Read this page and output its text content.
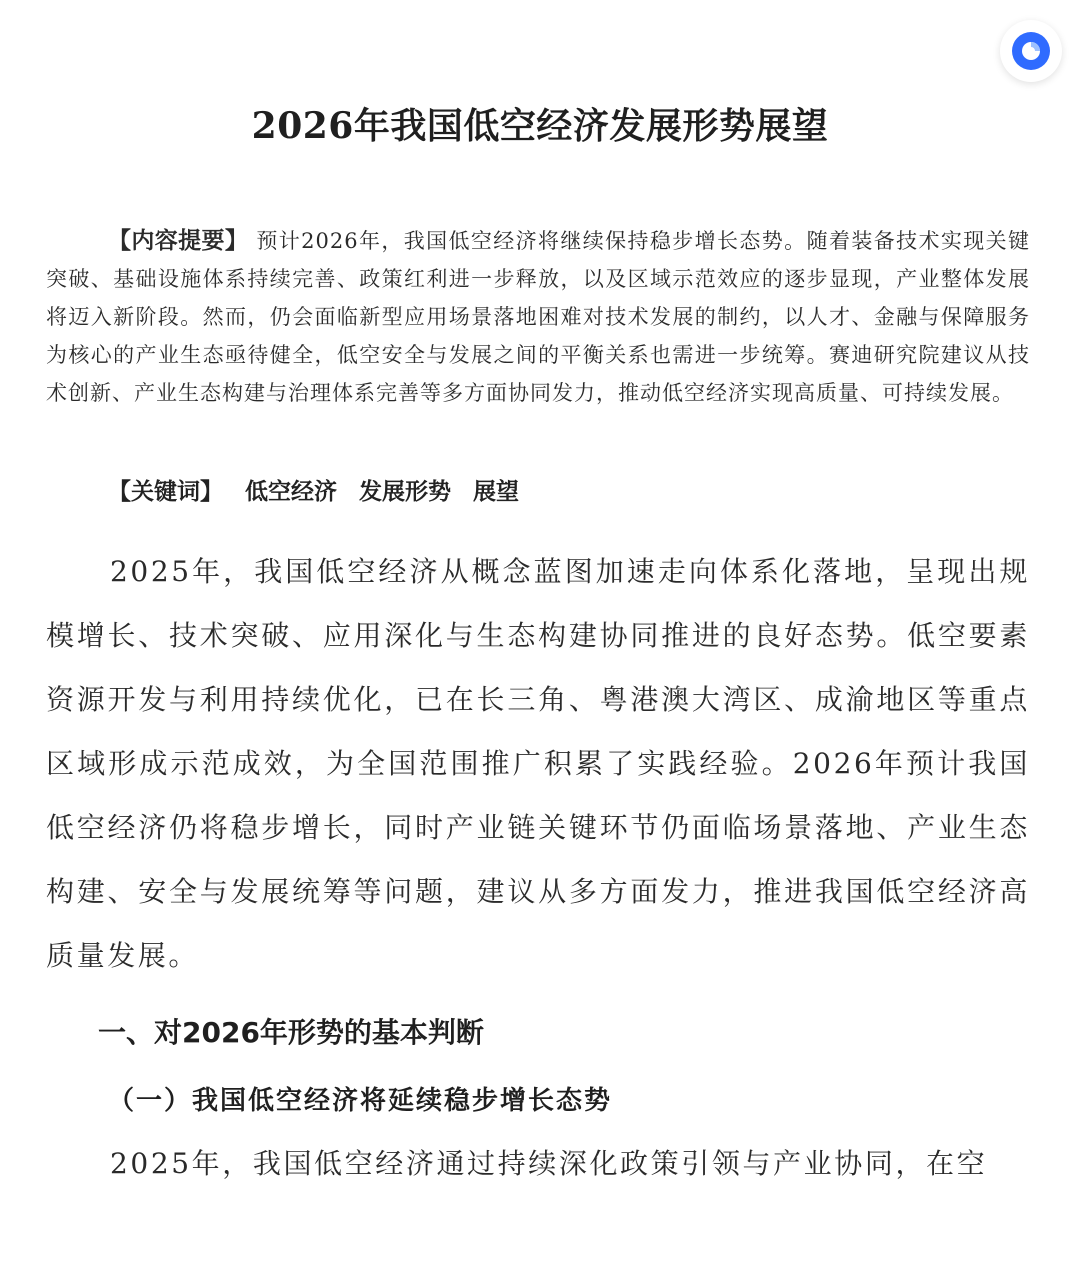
2026年我国低空经济发展形势展望
【内容提要】 预计2026年，我国低空经济将继续保持稳步增长态势。随着装备技术实现关键突破、基础设施体系持续完善、政策红利进一步释放，以及区域示范效应的逐步显现，产业整体发展将迈入新阶段。然而，仍会面临新型应用场景落地困难对技术发展的制约，以人才、金融与保障服务为核心的产业生态亟待健全，低空安全与发展之间的平衡关系也需进一步统筹。赛迪研究院建议从技术创新、产业生态构建与治理体系完善等多方面协同发力，推动低空经济实现高质量、可持续发展。
【关键词】 低空经济 发展形势 展望
2025年，我国低空经济从概念蓝图加速走向体系化落地，呈现出规模增长、技术突破、应用深化与生态构建协同推进的良好态势。低空要素资源开发与利用持续优化，已在长三角、粤港澳大湾区、成渝地区等重点区域形成示范成效，为全国范围推广积累了实践经验。2026年预计我国低空经济仍将稳步增长，同时产业链关键环节仍面临场景落地、产业生态构建、安全与发展统筹等问题，建议从多方面发力，推进我国低空经济高质量发展。
一、对2026年形势的基本判断
（一）我国低空经济将延续稳步增长态势
2025年，我国低空经济通过持续深化政策引领与产业协同，在空
